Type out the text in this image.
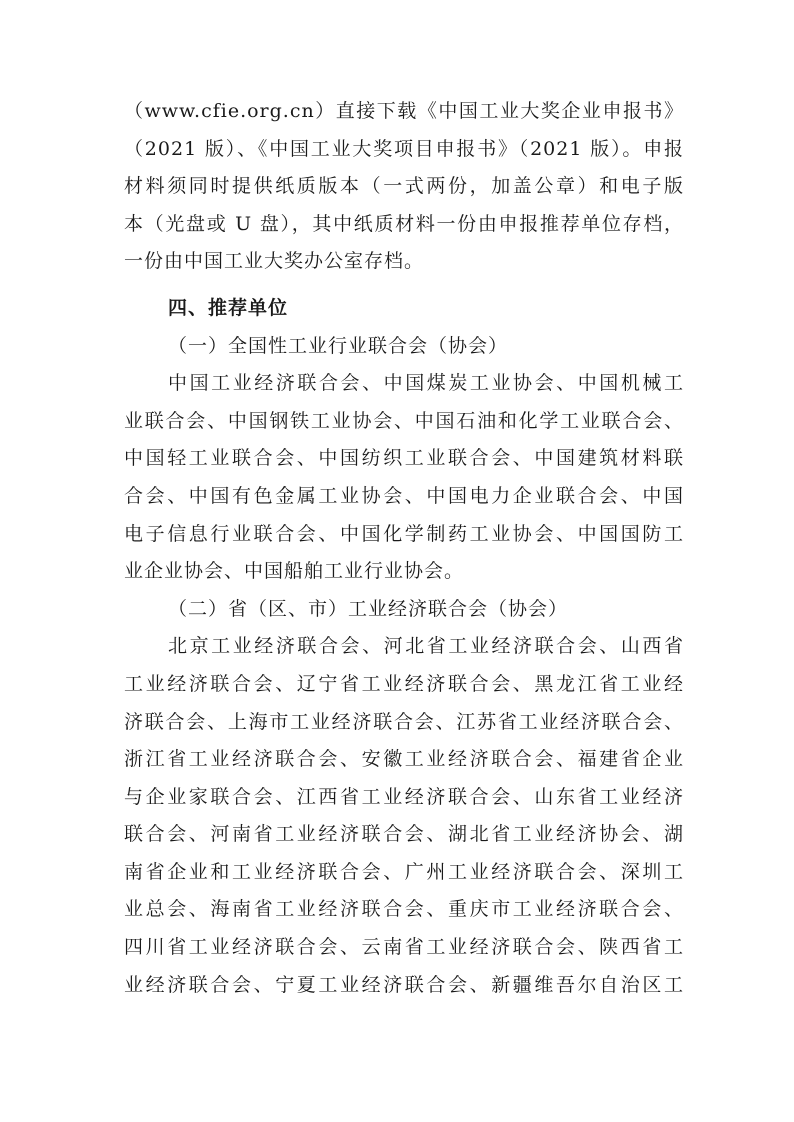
（www.cfie.org.cn）直接下载《中国工业大奖企业申报书》
（2021 版）、《中国工业大奖项目申报书》（2021 版）。申报
材料须同时提供纸质版本（一式两份，加盖公章）和电子版
本（光盘或 U 盘），其中纸质材料一份由申报推荐单位存档，
一份由中国工业大奖办公室存档。
四、推荐单位
（一）全国性工业行业联合会（协会）
中国工业经济联合会、中国煤炭工业协会、中国机械工
业联合会、中国钢铁工业协会、中国石油和化学工业联合会、
中国轻工业联合会、中国纺织工业联合会、中国建筑材料联
合会、中国有色金属工业协会、中国电力企业联合会、中国
电子信息行业联合会、中国化学制药工业协会、中国国防工
业企业协会、中国船舶工业行业协会。
（二）省（区、市）工业经济联合会（协会）
北京工业经济联合会、河北省工业经济联合会、山西省
工业经济联合会、辽宁省工业经济联合会、黑龙江省工业经
济联合会、上海市工业经济联合会、江苏省工业经济联合会、
浙江省工业经济联合会、安徽工业经济联合会、福建省企业
与企业家联合会、江西省工业经济联合会、山东省工业经济
联合会、河南省工业经济联合会、湖北省工业经济协会、湖
南省企业和工业经济联合会、广州工业经济联合会、深圳工
业总会、海南省工业经济联合会、重庆市工业经济联合会、
四川省工业经济联合会、云南省工业经济联合会、陕西省工
业经济联合会、宁夏工业经济联合会、新疆维吾尔自治区工
